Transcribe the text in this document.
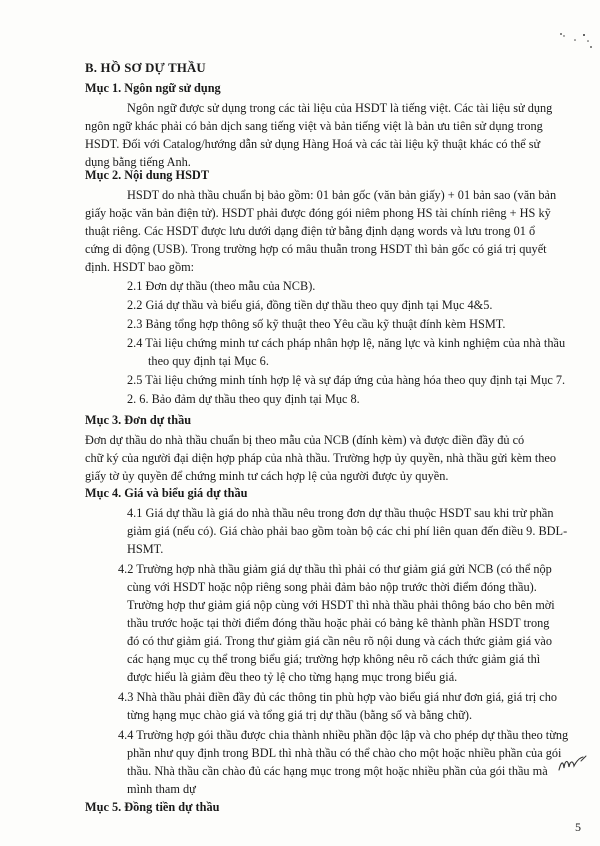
B. HỒ SƠ DỰ THẦU
Mục 1. Ngôn ngữ sử dụng
Ngôn ngữ được sử dụng trong các tài liệu của HSDT là tiếng việt. Các tài liệu sử dụng
ngôn ngữ khác phải có bản dịch sang tiếng việt và bản tiếng việt là bản ưu tiên sử dụng trong
HSDT. Đối với Catalog/hướng dẫn sử dụng Hàng Hoá và các tài liệu kỹ thuật khác có thể sử
dụng bằng tiếng Anh.
Mục 2. Nội dung HSDT
HSDT do nhà thầu chuẩn bị bảo gồm: 01 bản gốc (văn bản giấy) + 01 bản sao (văn bản
giấy hoặc văn bản điện tử). HSDT phải được đóng gói niêm phong HS tài chính riêng + HS kỹ
thuật riêng. Các HSDT được lưu dưới dạng điện tử bằng định dạng words và lưu trong 01 ổ
cứng di động (USB). Trong trường hợp có mâu thuẫn trong HSDT thì bản gốc có giá trị quyết
định. HSDT bao gồm:
2.1 Đơn dự thầu (theo mẫu của NCB).
2.2 Giá dự thầu và biểu giá, đồng tiền dự thầu theo quy định tại Mục 4&5.
2.3 Bảng tổng hợp thông số kỹ thuật theo Yêu cầu kỹ thuật đính kèm HSMT.
2.4 Tài liệu chứng minh tư cách pháp nhân hợp lệ, năng lực và kinh nghiệm của nhà thầu
theo quy định tại Mục 6.
2.5 Tài liệu chứng minh tính hợp lệ và sự đáp ứng của hàng hóa theo quy định tại Mục 7.
2. 6. Bảo đảm dự thầu theo quy định tại Mục 8.
Mục 3. Đơn dự thầu
Đơn dự thầu do nhà thầu chuẩn bị theo mẫu của NCB (đính kèm) và được điền đầy đủ có
chữ ký của người đại diện hợp pháp của nhà thầu. Trường hợp ủy quyền, nhà thầu gửi kèm theo
giấy tờ ủy quyền để chứng minh tư cách hợp lệ của người được ủy quyền.
Mục 4. Giá và biểu giá dự thầu
4.1 Giá dự thầu là giá do nhà thầu nêu trong đơn dự thầu thuộc HSDT sau khi trừ phần
giảm giá (nếu có). Giá chào phải bao gồm toàn bộ các chi phí liên quan đến điều 9. BDL-
HSMT.
4.2 Trường hợp nhà thầu giảm giá dự thầu thì phải có thư giảm giá gửi NCB (có thể nộp
cùng với HSDT hoặc nộp riêng song phải đảm bảo nộp trước thời điểm đóng thầu).
Trường hợp thư giảm giá nộp cùng với HSDT thì nhà thầu phải thông báo cho bên mời
thầu trước hoặc tại thời điểm đóng thầu hoặc phải có bảng kê thành phần HSDT trong
đó có thư giảm giá. Trong thư giảm giá cần nêu rõ nội dung và cách thức giảm giá vào
các hạng mục cụ thể trong biểu giá; trường hợp không nêu rõ cách thức giảm giá thì
được hiểu là giảm đều theo tỷ lệ cho từng hạng mục trong biểu giá.
4.3 Nhà thầu phải điền đầy đủ các thông tin phù hợp vào biểu giá như đơn giá, giá trị cho
từng hạng mục chào giá và tổng giá trị dự thầu (bằng số và bằng chữ).
4.4 Trường hợp gói thầu được chia thành nhiều phần độc lập và cho phép dự thầu theo từng
phần như quy định trong BDL thì nhà thầu có thể chào cho một hoặc nhiều phần của gói
thầu. Nhà thầu cần chào đủ các hạng mục trong một hoặc nhiều phần của gói thầu mà
mình tham dự
Mục 5. Đồng tiền dự thầu
5
